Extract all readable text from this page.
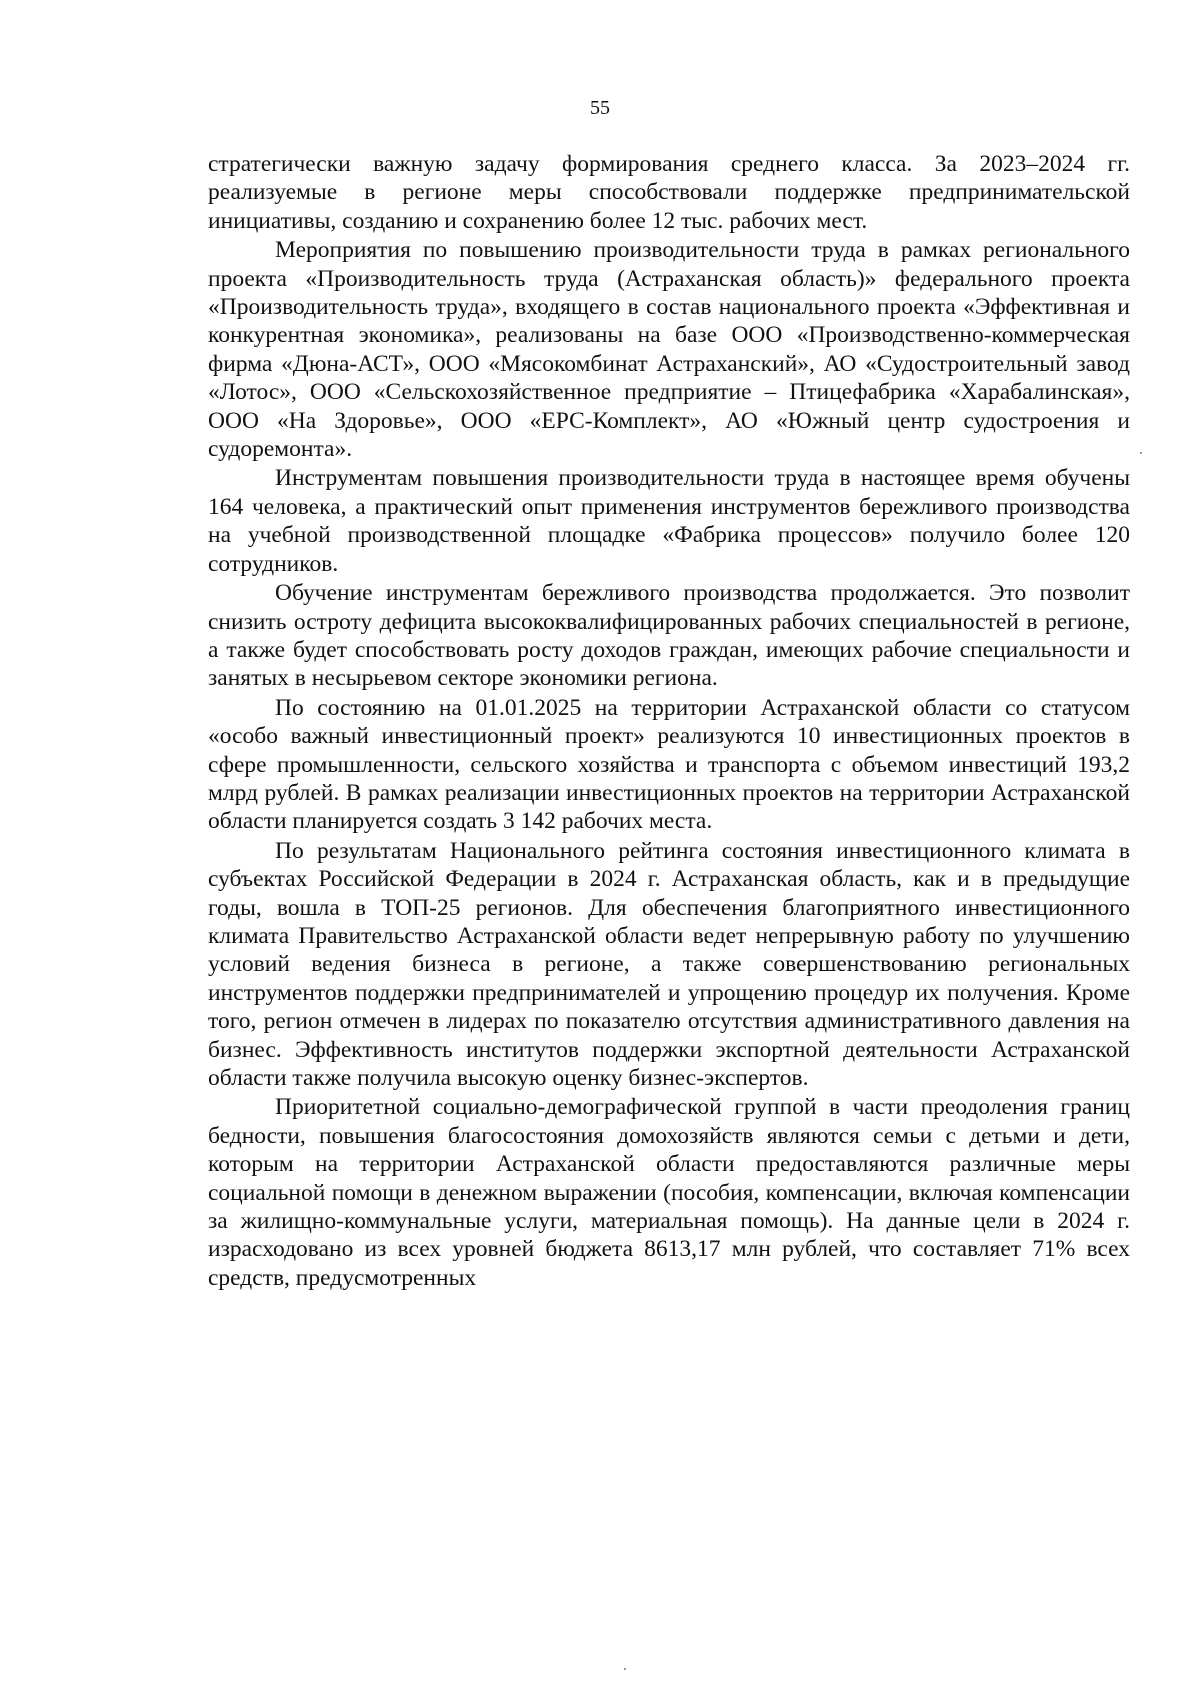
55

стратегически важную задачу формирования среднего класса. За 2023–2024 гг. реализуемые в регионе меры способствовали поддержке предпринимательской инициативы, созданию и сохранению более 12 тыс. рабочих мест.

Мероприятия по повышению производительности труда в рамках регионального проекта «Производительность труда (Астраханская область)» федерального проекта «Производительность труда», входящего в состав национального проекта «Эффективная и конкурентная экономика», реализованы на базе ООО «Производственно-коммерческая фирма «Дюна-АСТ», ООО «Мясокомбинат Астраханский», АО «Судостроительный завод «Лотос», ООО «Сельскохозяйственное предприятие – Птицефабрика «Харабалинская», ООО «На Здоровье», ООО «ЕРС-Комплект», АО «Южный центр судостроения и судоремонта».

Инструментам повышения производительности труда в настоящее время обучены 164 человека, а практический опыт применения инструментов бережливого производства на учебной производственной площадке «Фабрика процессов» получило более 120 сотрудников.

Обучение инструментам бережливого производства продолжается. Это позволит снизить остроту дефицита высококвалифицированных рабочих специальностей в регионе, а также будет способствовать росту доходов граждан, имеющих рабочие специальности и занятых в несырьевом секторе экономики региона.

По состоянию на 01.01.2025 на территории Астраханской области со статусом «особо важный инвестиционный проект» реализуются 10 инвестиционных проектов в сфере промышленности, сельского хозяйства и транспорта с объемом инвестиций 193,2 млрд рублей. В рамках реализации инвестиционных проектов на территории Астраханской области планируется создать 3 142 рабочих места.

По результатам Национального рейтинга состояния инвестиционного климата в субъектах Российской Федерации в 2024 г. Астраханская область, как и в предыдущие годы, вошла в ТОП-25 регионов. Для обеспечения благоприятного инвестиционного климата Правительство Астраханской области ведет непрерывную работу по улучшению условий ведения бизнеса в регионе, а также совершенствованию региональных инструментов поддержки предпринимателей и упрощению процедур их получения. Кроме того, регион отмечен в лидерах по показателю отсутствия административного давления на бизнес. Эффективность институтов поддержки экспортной деятельности Астраханской области также получила высокую оценку бизнес-экспертов.

Приоритетной социально-демографической группой в части преодоления границ бедности, повышения благосостояния домохозяйств являются семьи с детьми и дети, которым на территории Астраханской области предоставляются различные меры социальной помощи в денежном выражении (пособия, компенсации, включая компенсации за жилищно-коммунальные услуги, материальная помощь). На данные цели в 2024 г. израсходовано из всех уровней бюджета 8613,17 млн рублей, что составляет 71% всех средств, предусмотренных
